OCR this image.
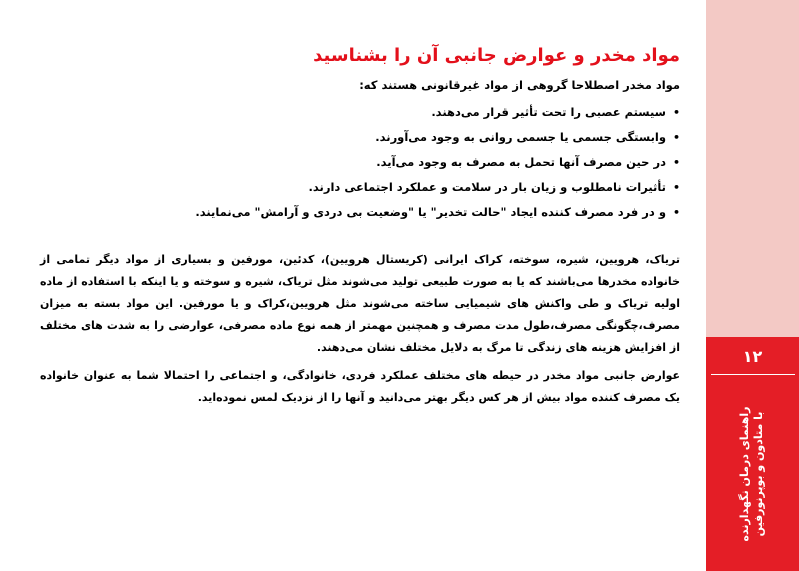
مواد مخدر و عوارض جانبی آن را بشناسید

مواد مخدر اصطلاحا گروهی از مواد غیرقانونی هستند که:

•
سیستم عصبی را تحت تأثیر قرار می‌دهند.
•
وابستگی جسمی یا جسمی روانی به وجود می‌آورند.
•
در حین مصرف آنها تحمل به مصرف به وجود می‌آید.
•
تأثیرات نامطلوب و زیان بار در سلامت و عملکرد اجتماعی دارند.
•
و در فرد مصرف کننده ایجاد "حالت تخدیر" یا "وضعیت بی دردی و آرامش" می‌نمایند.

تریاک، هرویین، شیره، سوخته، کراک ایرانی (کریستال هرویین)، کدئین، مورفین و بسیاری از مواد دیگر تمامی از خانواده مخدرها می‌باشند که یا به صورت طبیعی تولید می‌شوند مثل تریاک، شیره و سوخته و یا اینکه با استفاده از ماده اولیه تریاک و طی واکنش های شیمیایی ساخته می‌شوند مثل هرویین،کراک و یا مورفین. این مواد بسته به میزان مصرف،چگونگی مصرف،طول مدت مصرف و همچنین مهمتر از همه نوع ماده مصرفی، عوارضی را به شدت های مختلف از افزایش هزینه های زندگی تا مرگ به دلایل مختلف نشان می‌دهند.

عوارض جانبی مواد مخدر در حیطه های مختلف عملکرد فردی، خانوادگی، و اجتماعی را احتمالا شما به عنوان خانواده یک مصرف کننده مواد بیش از هر کس دیگر بهتر می‌دانید و آنها را از نزدیک لمس نموده‌اید.

۱۲
راهنمای درمان نگهدارنده با متادون و بوپرنورفین
